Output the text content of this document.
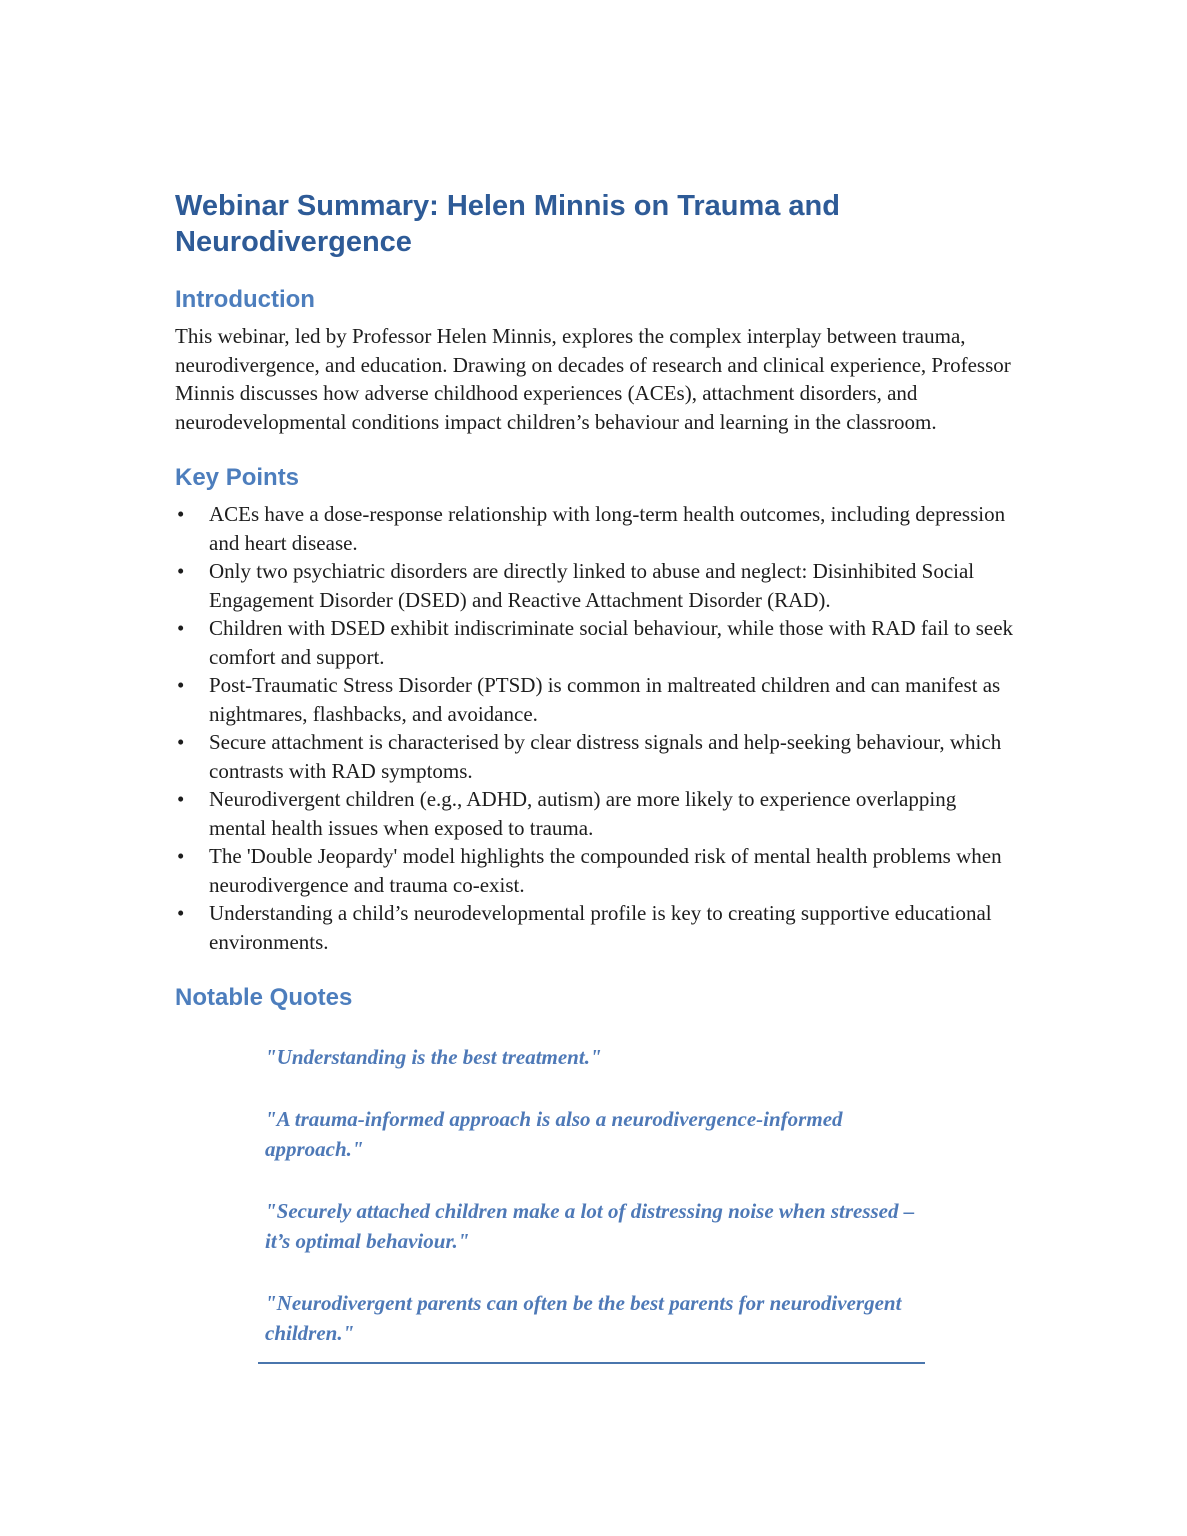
Webinar Summary: Helen Minnis on Trauma and Neurodivergence
Introduction

This webinar, led by Professor Helen Minnis, explores the complex interplay between trauma, neurodivergence, and education. Drawing on decades of research and clinical experience, Professor Minnis discusses how adverse childhood experiences (ACEs), attachment disorders, and neurodevelopmental conditions impact children’s behaviour and learning in the classroom.

Key Points
• ACEs have a dose-response relationship with long-term health outcomes, including depression and heart disease.
• Only two psychiatric disorders are directly linked to abuse and neglect: Disinhibited Social Engagement Disorder (DSED) and Reactive Attachment Disorder (RAD).
• Children with DSED exhibit indiscriminate social behaviour, while those with RAD fail to seek comfort and support.
• Post-Traumatic Stress Disorder (PTSD) is common in maltreated children and can manifest as nightmares, flashbacks, and avoidance.
• Secure attachment is characterised by clear distress signals and help-seeking behaviour, which contrasts with RAD symptoms.
• Neurodivergent children (e.g., ADHD, autism) are more likely to experience overlapping mental health issues when exposed to trauma.
• The 'Double Jeopardy' model highlights the compounded risk of mental health problems when neurodivergence and trauma co-exist.
• Understanding a child’s neurodevelopmental profile is key to creating supportive educational environments.
Notable Quotes

"Understanding is the best treatment."

"A trauma-informed approach is also a neurodivergence-informed approach."

"Securely attached children make a lot of distressing noise when stressed – it’s optimal behaviour."

"Neurodivergent parents can often be the best parents for neurodivergent children."
